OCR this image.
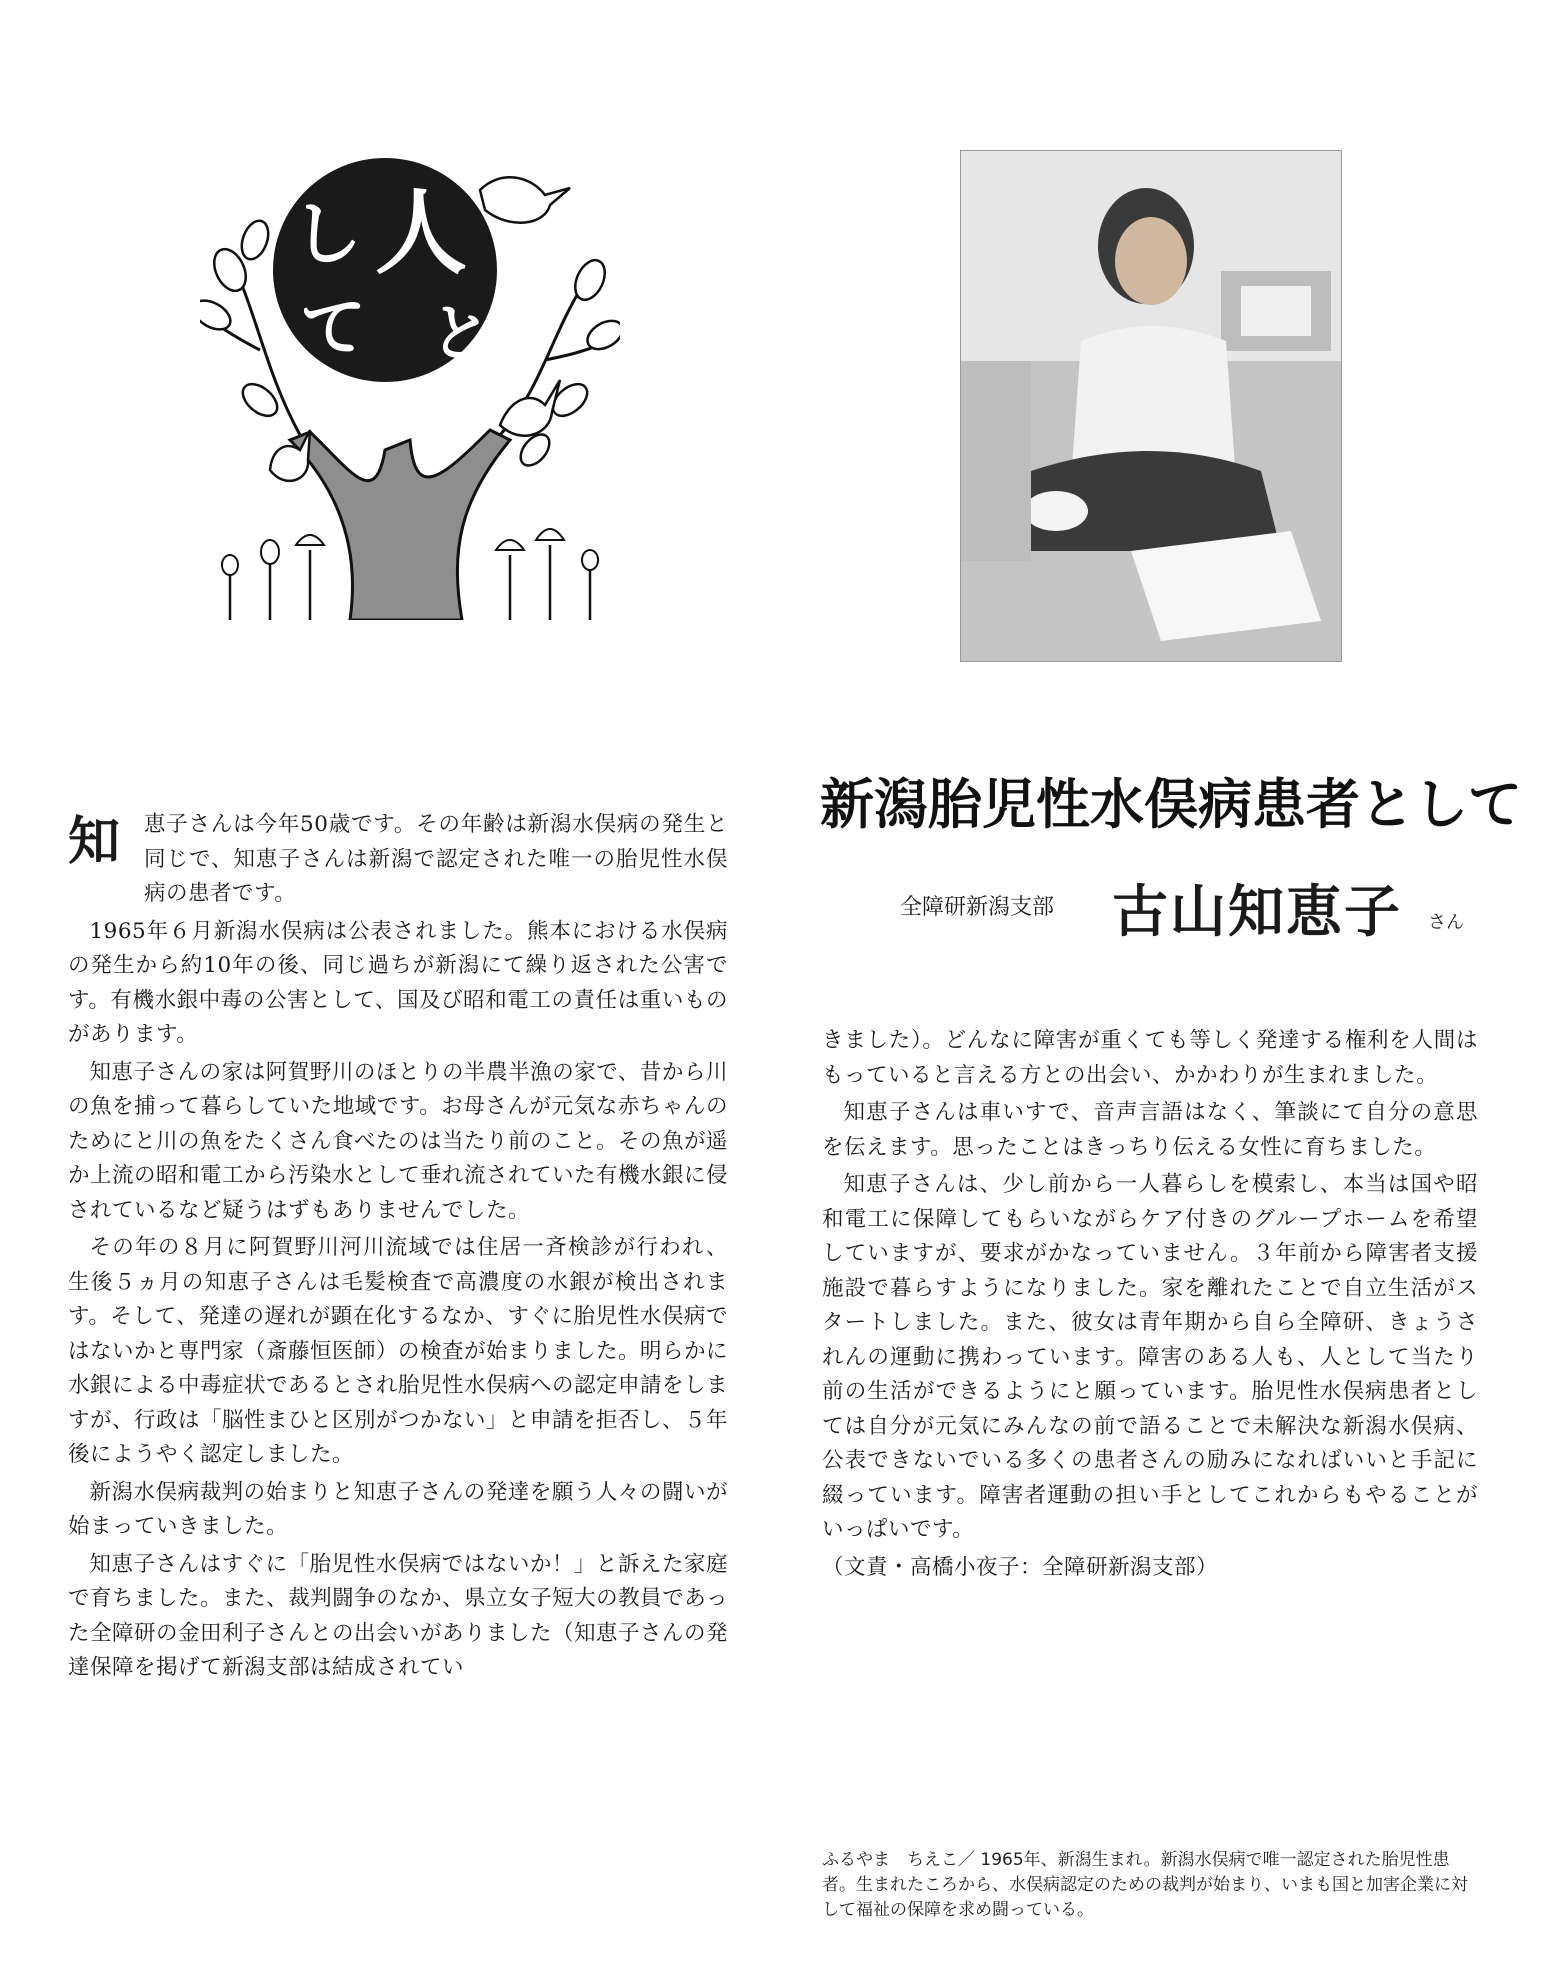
人
と
し
て
新潟胎児性水俣病患者として
全障研新潟支部 古山知恵子 さん
知	恵子さんは今年50歳です。その年齢は新潟水俣病の発生と同じで、知恵子さんは新潟で認定された唯一の胎児性水俣病の患者です。

1965年６月新潟水俣病は公表されました。熊本における水俣病の発生から約10年の後、同じ過ちが新潟にて繰り返された公害です。有機水銀中毒の公害として、国及び昭和電工の責任は重いものがあります。

知恵子さんの家は阿賀野川のほとりの半農半漁の家で、昔から川の魚を捕って暮らしていた地域です。お母さんが元気な赤ちゃんのためにと川の魚をたくさん食べたのは当たり前のこと。その魚が遥か上流の昭和電工から汚染水として垂れ流されていた有機水銀に侵されているなど疑うはずもありませんでした。

その年の８月に阿賀野川河川流域では住居一斉検診が行われ、生後５ヵ月の知恵子さんは毛髪検査で高濃度の水銀が検出されます。そして、発達の遅れが顕在化するなか、すぐに胎児性水俣病ではないかと専門家（斎藤恒医師）の検査が始まりました。明らかに水銀による中毒症状であるとされ胎児性水俣病への認定申請をしますが、行政は「脳性まひと区別がつかない」と申請を拒否し、５年後にようやく認定しました。

新潟水俣病裁判の始まりと知恵子さんの発達を願う人々の闘いが始まっていきました。

知恵子さんはすぐに「胎児性水俣病ではないか！」と訴えた家庭で育ちました。また、裁判闘争のなか、県立女子短大の教員であった全障研の金田利子さんとの出会いがありました（知恵子さんの発達保障を掲げて新潟支部は結成されてい

きました）。どんなに障害が重くても等しく発達する権利を人間はもっていると言える方との出会い、かかわりが生まれました。

知恵子さんは車いすで、音声言語はなく、筆談にて自分の意思を伝えます。思ったことはきっちり伝える女性に育ちました。

知恵子さんは、少し前から一人暮らしを模索し、本当は国や昭和電工に保障してもらいながらケア付きのグループホームを希望していますが、要求がかなっていません。３年前から障害者支援施設で暮らすようになりました。家を離れたことで自立生活がスタートしました。また、彼女は青年期から自ら全障研、きょうされんの運動に携わっています。障害のある人も、人として当たり前の生活ができるようにと願っています。胎児性水俣病患者としては自分が元気にみんなの前で語ることで未解決な新潟水俣病、公表できないでいる多くの患者さんの励みになればいいと手記に綴っています。障害者運動の担い手としてこれからもやることがいっぱいです。

（文責・高橋小夜子：全障研新潟支部）

ふるやま　ちえこ／ 1965年、新潟生まれ。新潟水俣病で唯一認定された胎児性患者。生まれたころから、水俣病認定のための裁判が始まり、いまも国と加害企業に対して福祉の保障を求め闘っている。
